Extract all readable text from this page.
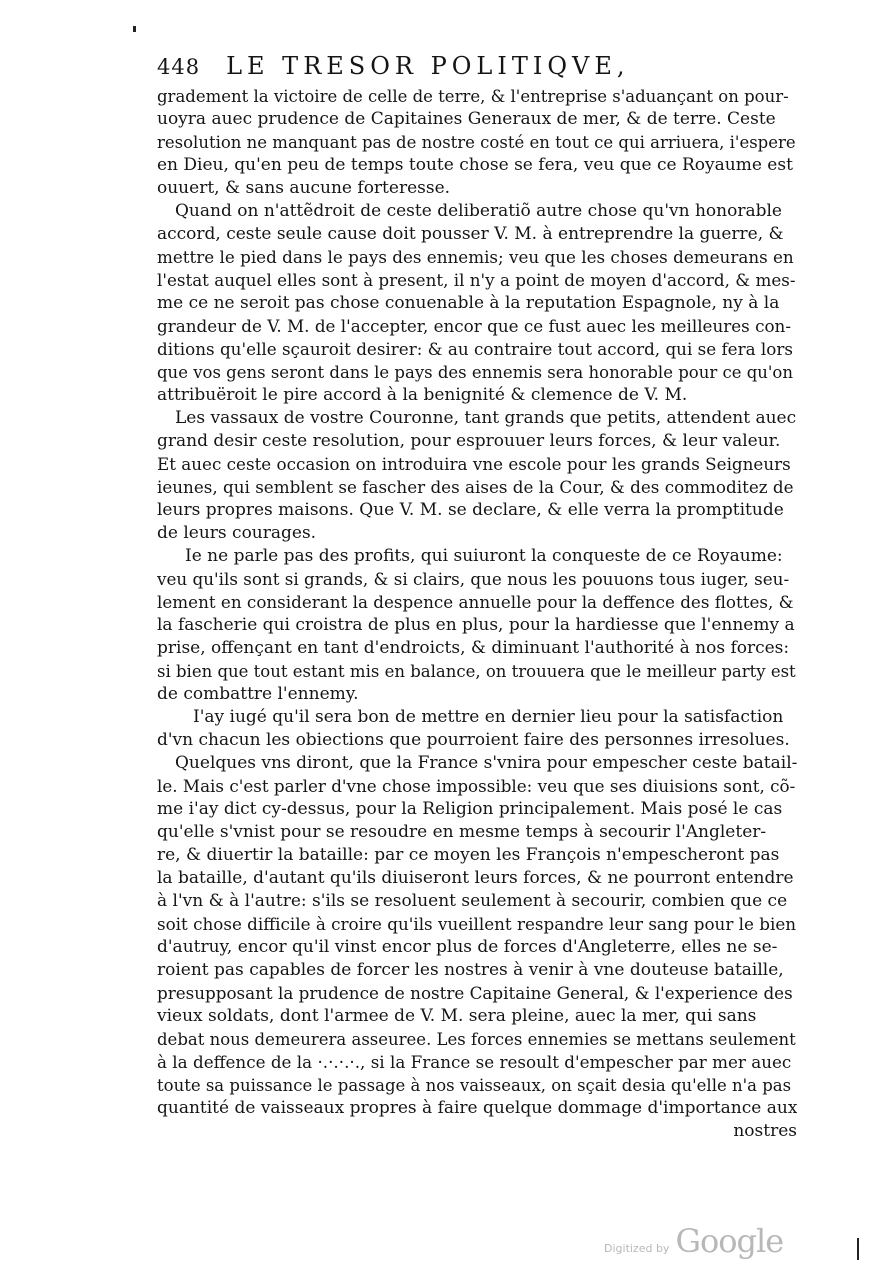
448 LE TRESOR POLITIQVE,
gradement la victoire de celle de terre, & l'entreprise s'aduançant on pour-
uoyra auec prudence de Capitaines Generaux de mer, & de terre. Ceste
resolution ne manquant pas de nostre costé en tout ce qui arriuera, i'espere
en Dieu, qu'en peu de temps toute chose se fera, veu que ce Royaume est
ouuert, & sans aucune forteresse.
Quand on n'attẽdroit de ceste deliberatiõ autre chose qu'vn honorable
accord, ceste seule cause doit pousser V. M. à entreprendre la guerre, &
mettre le pied dans le pays des ennemis; veu que les choses demeurans en
l'estat auquel elles sont à present, il n'y a point de moyen d'accord, & mes-
me ce ne seroit pas chose conuenable à la reputation Espagnole, ny à la
grandeur de V. M. de l'accepter, encor que ce fust auec les meilleures con-
ditions qu'elle sçauroit desirer: & au contraire tout accord, qui se fera lors
que vos gens seront dans le pays des ennemis sera honorable pour ce qu'on
attribuëroit le pire accord à la benignité & clemence de V. M.
Les vassaux de vostre Couronne, tant grands que petits, attendent auec
grand desir ceste resolution, pour esprouuer leurs forces, & leur valeur.
Et auec ceste occasion on introduira vne escole pour les grands Seigneurs
ieunes, qui semblent se fascher des aises de la Cour, & des commoditez de
leurs propres maisons. Que V. M. se declare, & elle verra la promptitude
de leurs courages.
Ie ne parle pas des profits, qui suiuront la conqueste de ce Royaume:
veu qu'ils sont si grands, & si clairs, que nous les pouuons tous iuger, seu-
lement en considerant la despence annuelle pour la deffence des flottes, &
la fascherie qui croistra de plus en plus, pour la hardiesse que l'ennemy a
prise, offençant en tant d'endroicts, & diminuant l'authorité à nos forces:
si bien que tout estant mis en balance, on trouuera que le meilleur party est
de combattre l'ennemy.
I'ay iugé qu'il sera bon de mettre en dernier lieu pour la satisfaction
d'vn chacun les obiections que pourroient faire des personnes irresolues.
Quelques vns diront, que la France s'vnira pour empescher ceste batail-
le. Mais c'est parler d'vne chose impossible: veu que ses diuisions sont, cõ-
me i'ay dict cy-dessus, pour la Religion principalement. Mais posé le cas
qu'elle s'vnist pour se resoudre en mesme temps à secourir l'Angleter-
re, & diuertir la bataille: par ce moyen les François n'empescheront pas
la bataille, d'autant qu'ils diuiseront leurs forces, & ne pourront entendre
à l'vn & à l'autre: s'ils se resoluent seulement à secourir, combien que ce
soit chose difficile à croire qu'ils vueillent respandre leur sang pour le bien
d'autruy, encor qu'il vinst encor plus de forces d'Angleterre, elles ne se-
roient pas capables de forcer les nostres à venir à vne douteuse bataille,
presupposant la prudence de nostre Capitaine General, & l'experience des
vieux soldats, dont l'armee de V. M. sera pleine, auec la mer, qui sans
debat nous demeurera asseuree. Les forces ennemies se mettans seulement
à la deffence de la ·.·.·.·., si la France se resoult d'empescher par mer auec
toute sa puissance le passage à nos vaisseaux, on sçait desia qu'elle n'a pas
quantité de vaisseaux propres à faire quelque dommage d'importance aux
nostres
Digitized by Google
